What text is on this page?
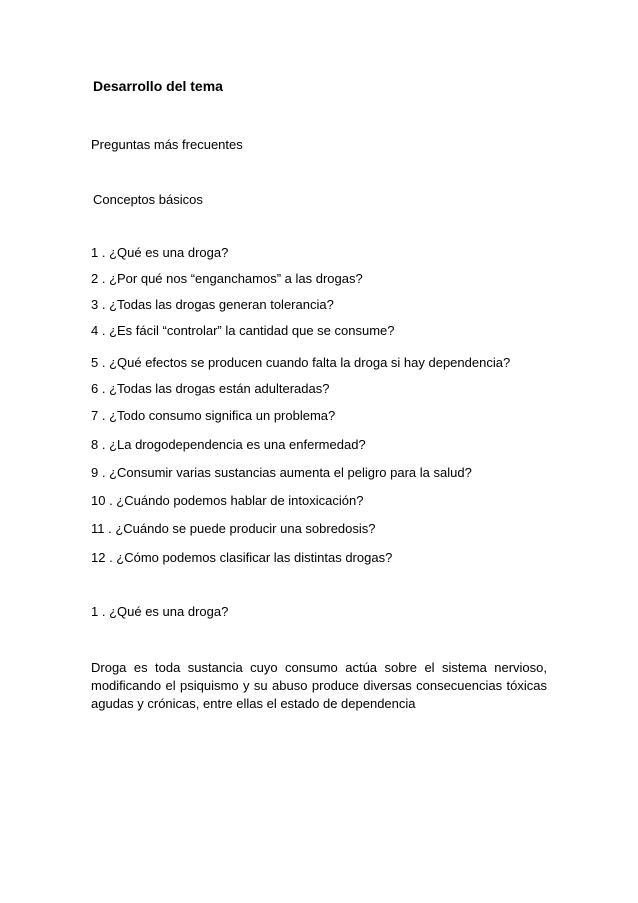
Desarrollo del tema
Preguntas más frecuentes
Conceptos básicos
1 . ¿Qué es una droga?
2 . ¿Por qué nos “enganchamos” a las drogas?
3 . ¿Todas las drogas generan tolerancia?
4 . ¿Es fácil “controlar” la cantidad que se consume?
5 . ¿Qué efectos se producen cuando falta la droga si hay dependencia?
6 . ¿Todas las drogas están adulteradas?
7 . ¿Todo consumo significa un problema?
8 . ¿La drogodependencia es una enfermedad?
9 . ¿Consumir varias sustancias aumenta el peligro para la salud?
10 . ¿Cuándo podemos hablar de intoxicación?
11 . ¿Cuándo se puede producir una sobredosis?
12 . ¿Cómo podemos clasificar las distintas drogas?
1 . ¿Qué es una droga?
Droga es toda sustancia cuyo consumo actúa sobre el sistema nervioso, modificando el psiquismo y su abuso produce diversas consecuencias tóxicas agudas y crónicas, entre ellas el estado de dependencia
